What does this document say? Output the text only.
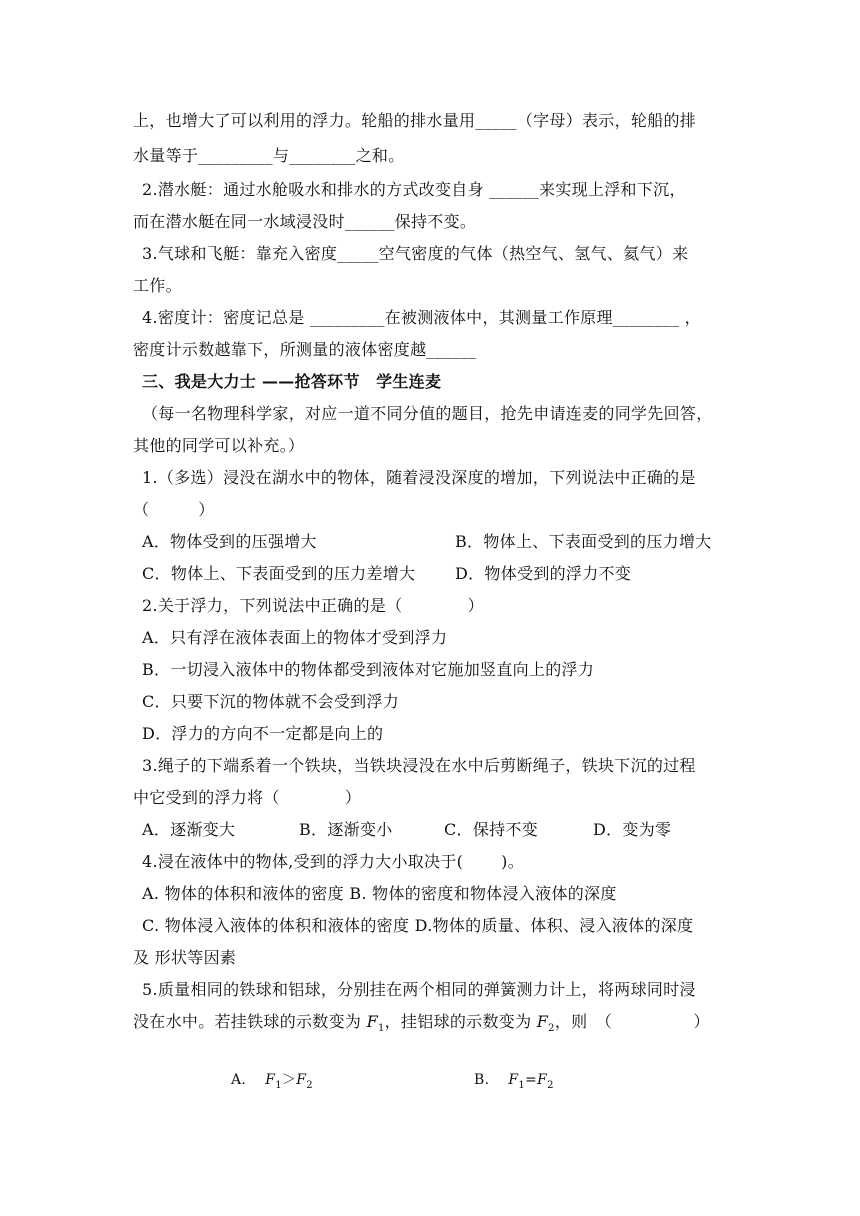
上，也增大了可以利用的浮力。轮船的排水量用_____（字母）表示，轮船的排
水量等于_________与________之和。
2.潜水艇：通过水舱吸水和排水的方式改变自身 ______来实现上浮和下沉，
而在潜水艇在同一水域浸没时______保持不变。
3.气球和飞艇：靠充入密度_____空气密度的气体（热空气、氢气、氦气）来
工作。
4.密度计：密度记总是 _________在被测液体中，其测量工作原理________ ，
密度计示数越靠下，所测量的液体密度越______
三、我是大力士 ——抢答环节　学生连麦
（每一名物理科学家，对应一道不同分值的题目，抢先申请连麦的同学先回答，
其他的同学可以补充。）
1.（多选）浸没在湖水中的物体，随着浸没深度的增加，下列说法中正确的是
（　　　）
A．物体受到的压强增大	B．物体上、下表面受到的压力增大
C．物体上、下表面受到的压力差增大 D．物体受到的浮力不变
2.关于浮力，下列说法中正确的是（　　　　）
A．只有浮在液体表面上的物体才受到浮力
B．一切浸入液体中的物体都受到液体对它施加竖直向上的浮力
C．只要下沉的物体就不会受到浮力
D．浮力的方向不一定都是向上的
3.绳子的下端系着一个铁块，当铁块浸没在水中后剪断绳子，铁块下沉的过程
中它受到的浮力将（　　　　）
A．逐渐变大	B．逐渐变小	C．保持不变	D．变为零
4.浸在液体中的物体,受到的浮力大小取决于(　　 )。
A. 物体的体积和液体的密度 B. 物体的密度和物体浸入液体的深度
C. 物体浸入液体的体积和液体的密度 D.物体的质量、体积、浸入液体的深度
及 形状等因素
5.质量相同的铁球和铝球，分别挂在两个相同的弹簧测力计上，将两球同时浸
没在水中。若挂铁球的示数变为 $F_1$，挂铝球的示数变为 $F_2$，则　（　　　　　）
A. $F_1>F_2$	B. $F_1=F_2$
